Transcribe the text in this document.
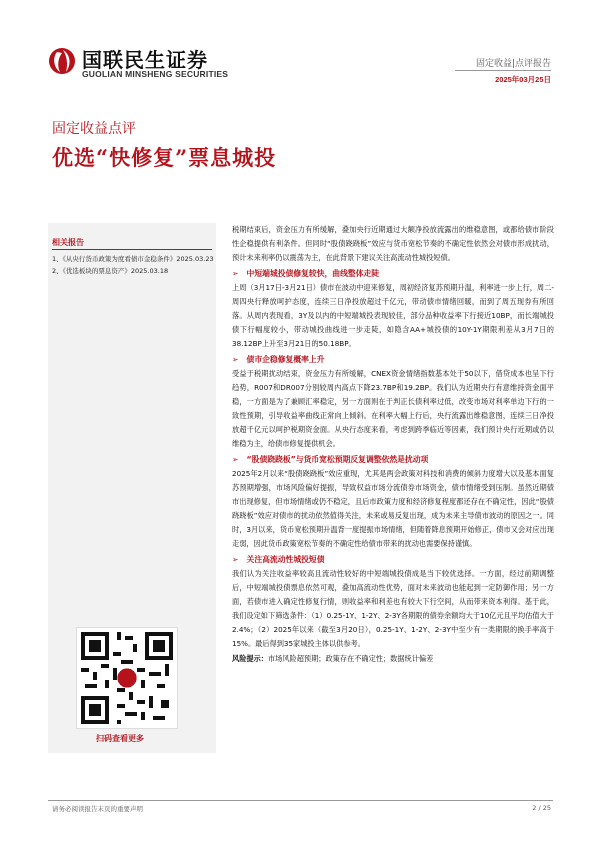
国联民生证券
GUOLIAN MINSHENG SECURITIES
固定收益|点评报告
2025年03月25日
固定收益点评
优选“快修复”票息城投
相关报告
1、《从央行货币政策为度看债市金稳条件》2025.03.23
2、《优选板块的票息资产》2025.03.18
扫码查看更多

税期结束后，资金压力有所缓解，叠加央行近期通过大额净投放流露出的维稳意图，或都给债市阶段性企稳提供有利条件。但同时“股债跷跷板”效应与货币宽松节奏的不确定性依然会对债市形成扰动，预计未来利率仍以震荡为主，在此背景下建议关注高流动性城投短债。

➢ 中短端城投债修复较快，曲线整体走陡

上周（3月17日-3月21日）债市在波动中迎来修复，周初经济复苏预期升温，利率进一步上行，周二-周四央行释放呵护态度，连续三日净投放超过千亿元，带动债市情绪回暖，而到了周五现券有所回落。从周内表现看，3Y及以内的中短端城投表现较佳，部分品种收益率下行接近10BP，而长端城投债下行幅度较小，带动城投曲线进一步走陡，如隐含AA+城投债的10Y-1Y期限利差从3月7日的38.12BP上升至3月21日的50.18BP。

➢ 债市企稳修复概率上升

受益于税期扰动结束，资金压力有所缓解，CNEX资金情绪指数基本处于50以下，借贷成本也呈下行趋势，R007和DR007分别较周内高点下降23.7BP和19.2BP。我们认为近期央行有意维持资金面平稳，一方面是为了兼顾汇率稳定，另一方面则在于判正长债利率过低，改变市场对利率单边下行的一致性预期，引导收益率曲线正常向上倾斜。在利率大幅上行后，央行流露出维稳意图，连续三日净投放超千亿元以呵护税期资金面。从央行态度来看，考虑到跨季临近等因素，我们预计央行近期或仍以维稳为主，给债市修复提供机会。

➢ “股债跷跷板”与货币宽松预期反复调整依然是扰动项

2025年2月以来“股债跷跷板”效应重现，尤其是两会政策对科技和消费的倾斜力度增大以及基本面复苏预期增强，市场风险偏好提振，导致权益市场分流债券市场资金，债市情绪受到压制。虽然近期债市出现修复，但市场情绪或仍不稳定，且后市政策力度和经济修复程度都还存在不确定性，因此“股债跷跷板”效应对债市的扰动依然值得关注，未来或易反复出现，成为未来主导债市波动的原因之一。同时，3月以来，货币宽松预期升温背一度提振市场情绪，但随着降息预期开始修正，债市又会对应出现走弱，因此货币政策宽松节奏的不确定性给债市带来的扰动也需要保持谨慎。

➢ 关注高流动性城投短债

我们认为关注收益率较高且流动性较好的中短端城投债成是当下较优选择。一方面，经过前期调整后，中短端城投债票息依然可观，叠加高流动性优势，面对未来波动也能起到一定防御作用；另一方面，若债市进入确定性修复行情，则收益率和利差也有较大下行空间，从而带来资本利得。基于此，我们设定如下筛选条件：（1）0.25-1Y、1-2Y、2-3Y各期限的债券余额均大于10亿元且平均估值大于2.4%；（2）2025年以来（截至3月20日），0.25-1Y、1-2Y、2-3Y中至少有一类期限的换手率高于15%。最后得到35家城投主体以供参考。

风险提示：市场风险超预期；政策存在不确定性；数据统计偏差

请务必阅读报告末页的重要声明	2 / 25
